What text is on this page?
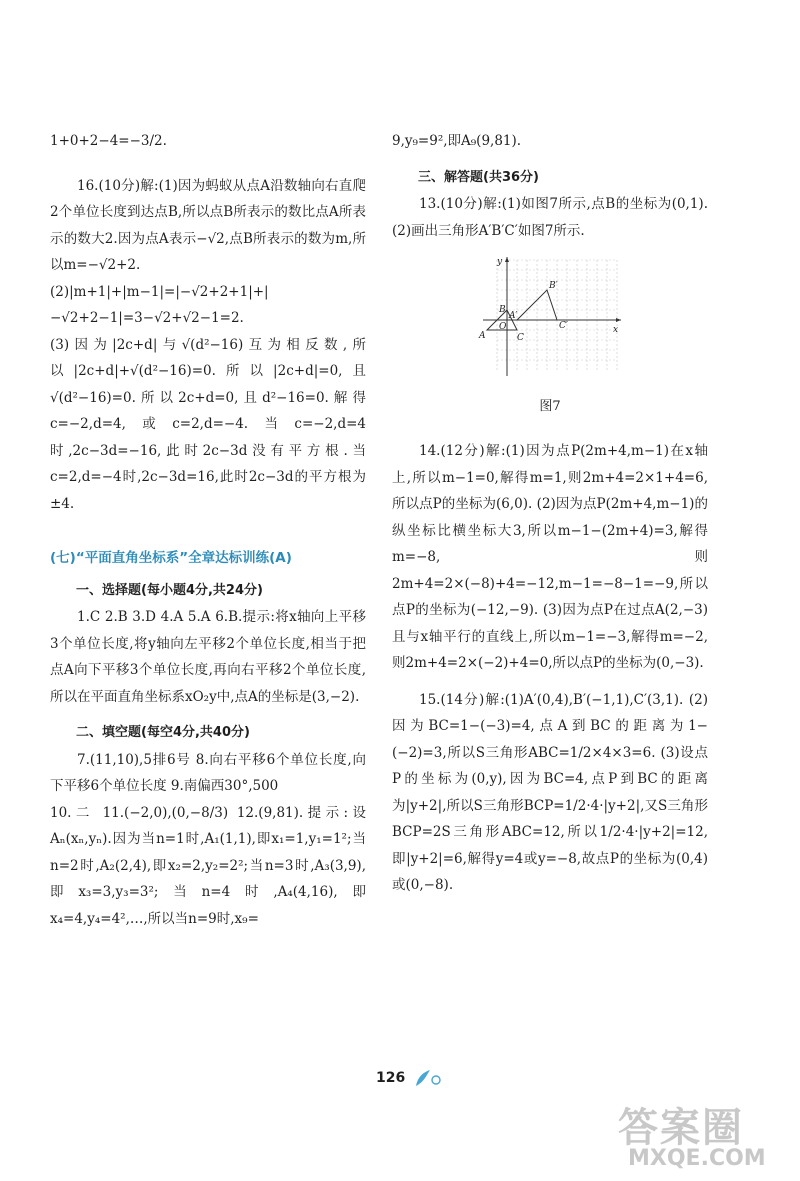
1+0+2−4=−3/2.

16.(10分)解:(1)因为蚂蚁从点A沿数轴向右直爬2个单位长度到达点B,所以点B所表示的数比点A所表示的数大2.因为点A表示−√2,点B所表示的数为m,所以m=−√2+2.

(2)|m+1|+|m−1|=|−√2+2+1|+|−√2+2−1|=3−√2+√2−1=2.

(3)因为|2c+d|与√(d²−16)互为相反数,所以|2c+d|+√(d²−16)=0.所以|2c+d|=0,且√(d²−16)=0.所以2c+d=0,且d²−16=0.解得c=−2,d=4,或c=2,d=−4.当c=−2,d=4时,2c−3d=−16,此时2c−3d没有平方根.当c=2,d=−4时,2c−3d=16,此时2c−3d的平方根为±4.

(七)“平面直角坐标系”全章达标训练(A)

一、选择题(每小题4分,共24分)

1.C 2.B 3.D 4.A 5.A 6.B.提示:将x轴向上平移3个单位长度,将y轴向左平移2个单位长度,相当于把点A向下平移3个单位长度,再向右平移2个单位长度,所以在平面直角坐标系xO₂y中,点A的坐标是(3,−2).

二、填空题(每空4分,共40分)

7.(11,10),5排6号 8.向右平移6个单位长度,向下平移6个单位长度 9.南偏西30°,500

10.二 11.(−2,0),(0,−8/3) 12.(9,81).提示:设Aₙ(xₙ,yₙ).因为当n=1时,A₁(1,1),即x₁=1,y₁=1²;当n=2时,A₂(2,4),即x₂=2,y₂=2²;当n=3时,A₃(3,9),即x₃=3,y₃=3²;当n=4时,A₄(4,16),即x₄=4,y₄=4²,…,所以当n=9时,x₉=

9,y₉=9²,即A₉(9,81).

三、解答题(共36分)

13.(10分)解:(1)如图7所示,点B的坐标为(0,1). (2)画出三角形A′B′C′如图7所示.

x
y
O
A
B
C
A′
B′
C′

图7

14.(12分)解:(1)因为点P(2m+4,m−1)在x轴上,所以m−1=0,解得m=1,则2m+4=2×1+4=6,所以点P的坐标为(6,0). (2)因为点P(2m+4,m−1)的纵坐标比横坐标大3,所以m−1−(2m+4)=3,解得m=−8,则2m+4=2×(−8)+4=−12,m−1=−8−1=−9,所以点P的坐标为(−12,−9). (3)因为点P在过点A(2,−3)且与x轴平行的直线上,所以m−1=−3,解得m=−2,则2m+4=2×(−2)+4=0,所以点P的坐标为(0,−3).

15.(14分)解:(1)A′(0,4),B′(−1,1),C′(3,1). (2)因为BC=1−(−3)=4,点A到BC的距离为1−(−2)=3,所以S三角形ABC=1/2×4×3=6. (3)设点P的坐标为(0,y),因为BC=4,点P到BC的距离为|y+2|,所以S三角形BCP=1/2·4·|y+2|,又S三角形BCP=2S三角形ABC=12,所以1/2·4·|y+2|=12,即|y+2|=6,解得y=4或y=−8,故点P的坐标为(0,4)或(0,−8).

126
答案圈
MXQE.COM
